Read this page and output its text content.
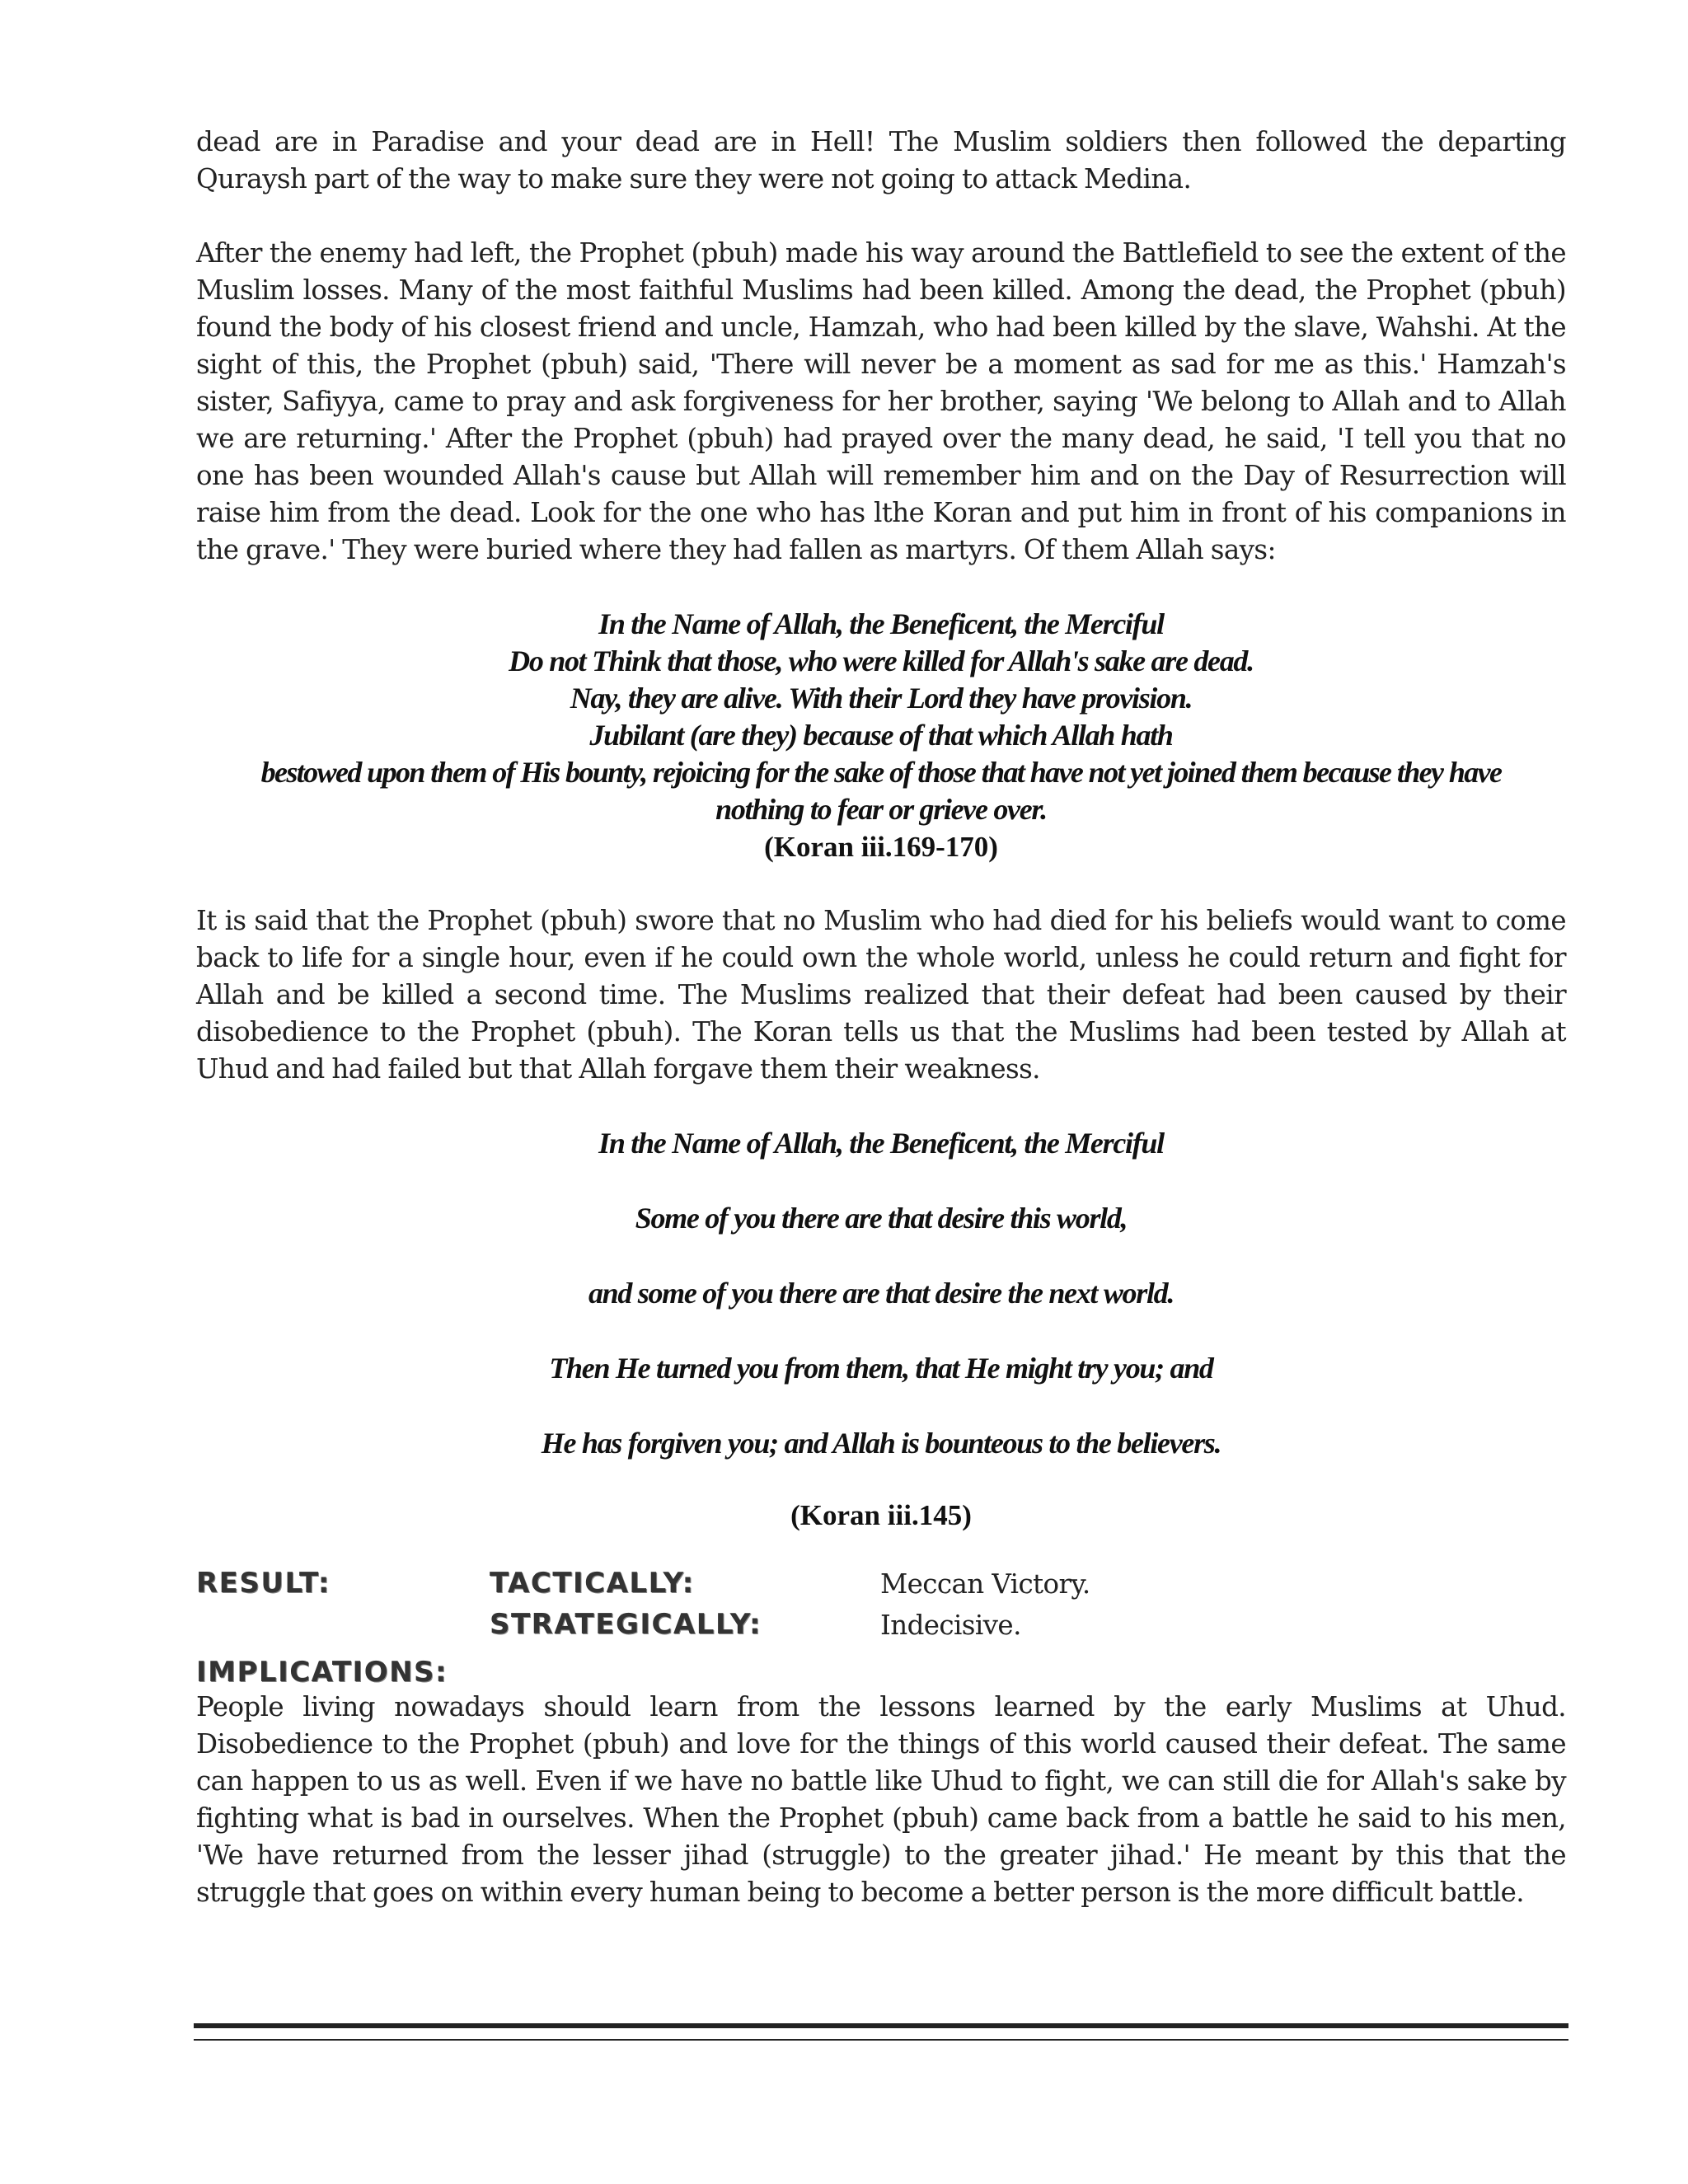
dead are in Paradise and your dead are in Hell! The Muslim soldiers then followed the departing Quraysh part of the way to make sure they were not going to attack Medina.

After the enemy had left, the Prophet (pbuh) made his way around the Battlefield to see the extent of the Muslim losses. Many of the most faithful Muslims had been killed. Among the dead, the Prophet (pbuh) found the body of his closest friend and uncle, Hamzah, who had been killed by the slave, Wahshi. At the sight of this, the Prophet (pbuh) said, 'There will never be a moment as sad for me as this.' Hamzah's sister, Safiyya, came to pray and ask forgiveness for her brother, saying 'We belong to Allah and to Allah we are returning.' After the Prophet (pbuh) had prayed over the many dead, he said, 'I tell you that no one has been wounded Allah's cause but Allah will remember him and on the Day of Resurrection will raise him from the dead. Look for the one who has lthe Koran and put him in front of his companions in the grave.' They were buried where they had fallen as martyrs. Of them Allah says:

In the Name of Allah, the Beneficent, the Merciful
Do not Think that those, who were killed for Allah's sake are dead.
Nay, they are alive. With their Lord they have provision.
Jubilant (are they) because of that which Allah hath
bestowed upon them of His bounty, rejoicing for the sake of those that have not yet joined them because they have
nothing to fear or grieve over.
(Koran iii.169-170)

It is said that the Prophet (pbuh) swore that no Muslim who had died for his beliefs would want to come back to life for a single hour, even if he could own the whole world, unless he could return and fight for Allah and be killed a second time. The Muslims realized that their defeat had been caused by their disobedience to the Prophet (pbuh). The Koran tells us that the Muslims had been tested by Allah at Uhud and had failed but that Allah forgave them their weakness.

In the Name of Allah, the Beneficent, the Merciful
Some of you there are that desire this world,
and some of you there are that desire the next world.
Then He turned you from them, that He might try you; and
He has forgiven you; and Allah is bounteous to the believers.
(Koran iii.145)
RESULT:	TACTICALLY:	Meccan Victory.
STRATEGICALLY:	Indecisive.
IMPLICATIONS:

People living nowadays should learn from the lessons learned by the early Muslims at Uhud. Disobedience to the Prophet (pbuh) and love for the things of this world caused their defeat. The same can happen to us as well. Even if we have no battle like Uhud to fight, we can still die for Allah's sake by fighting what is bad in ourselves. When the Prophet (pbuh) came back from a battle he said to his men, 'We have returned from the lesser jihad (struggle) to the greater jihad.' He meant by this that the struggle that goes on within every human being to become a better person is the more difficult battle.
